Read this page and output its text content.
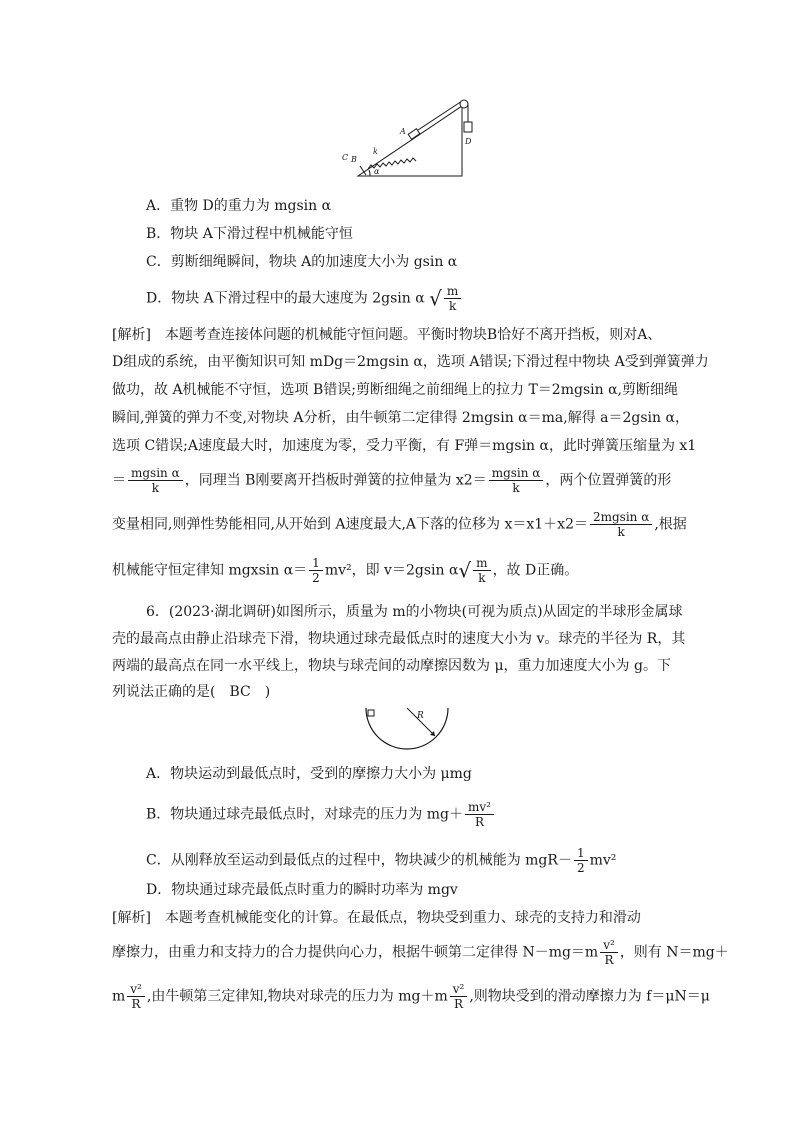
C B
k
A
D
α
A．重物 D的重力为 mgsin α
B．物块 A下滑过程中机械能守恒
C．剪断细绳瞬间，物块 A的加速度大小为 gsin α
D．物块 A下滑过程中的最大速度为 2gsin α √ $\frac{m}{k}$
[解析]　本题考查连接体问题的机械能守恒问题。平衡时物块B恰好不离开挡板，则对A、
D组成的系统，由平衡知识可知 mDg＝2mgsin α，选项 A错误;下滑过程中物块 A受到弹簧弹力
做功，故 A机械能不守恒，选项 B错误;剪断细绳之前细绳上的拉力 T＝2mgsin α,剪断细绳
瞬间,弹簧的弹力不变,对物块 A分析，由牛顿第二定律得 2mgsin α＝ma,解得 a＝2gsin α，
选项 C错误;A速度最大时，加速度为零，受力平衡，有 F弹＝mgsin α，此时弹簧压缩量为 x1
＝ $\frac{\text{mgsin α}}{k}$ ，同理当 B刚要离开挡板时弹簧的拉伸量为 $x2= \frac{\text{mgsin α}}{k}$ ，两个位置弹簧的形
变量相同,则弹性势能相同,从开始到 A速度最大,A下落的位移为 $x=x1+x2= \frac{\text{2mgsin α}}{k}$ ,根据
机械能守恒定律知 mgxsin $\alpha= \frac{1}{2} mv^2$，即 v＝2gsin $\alpha√ \frac{m}{k}$ ，故 D正确。
6．(2023·湖北调研)如图所示，质量为 m的小物块(可视为质点)从固定的半球形金属球
壳的最高点由静止沿球壳下滑，物块通过球壳最低点时的速度大小为 v。球壳的半径为 R，其
两端的最高点在同一水平线上，物块与球壳间的动摩擦因数为 μ，重力加速度大小为 g。下
列说法正确的是(　BC　)
R
A．物块运动到最低点时，受到的摩擦力大小为 μmg
B．物块通过球壳最低点时，对球壳的压力为 $mg+ \frac{\text{mv²}}{R}$
C．从刚释放至运动到最低点的过程中，物块减少的机械能为 $mgR- \frac{1}{2} mv^2$
D．物块通过球壳最低点时重力的瞬时功率为 mgv
[解析]　本题考查机械能变化的计算。在最低点，物块受到重力、球壳的支持力和滑动
摩擦力，由重力和支持力的合力提供向心力，根据牛顿第二定律得 $N-mg=m \frac{\text{v²}}{R}$ ，则有 N＝mg＋
m $\frac{\text{v²}}{R}$ ,由牛顿第三定律知,物块对球壳的压力为 $mg+m \frac{\text{v²}}{R}$ ,则物块受到的滑动摩擦力为 f＝μN＝μ
